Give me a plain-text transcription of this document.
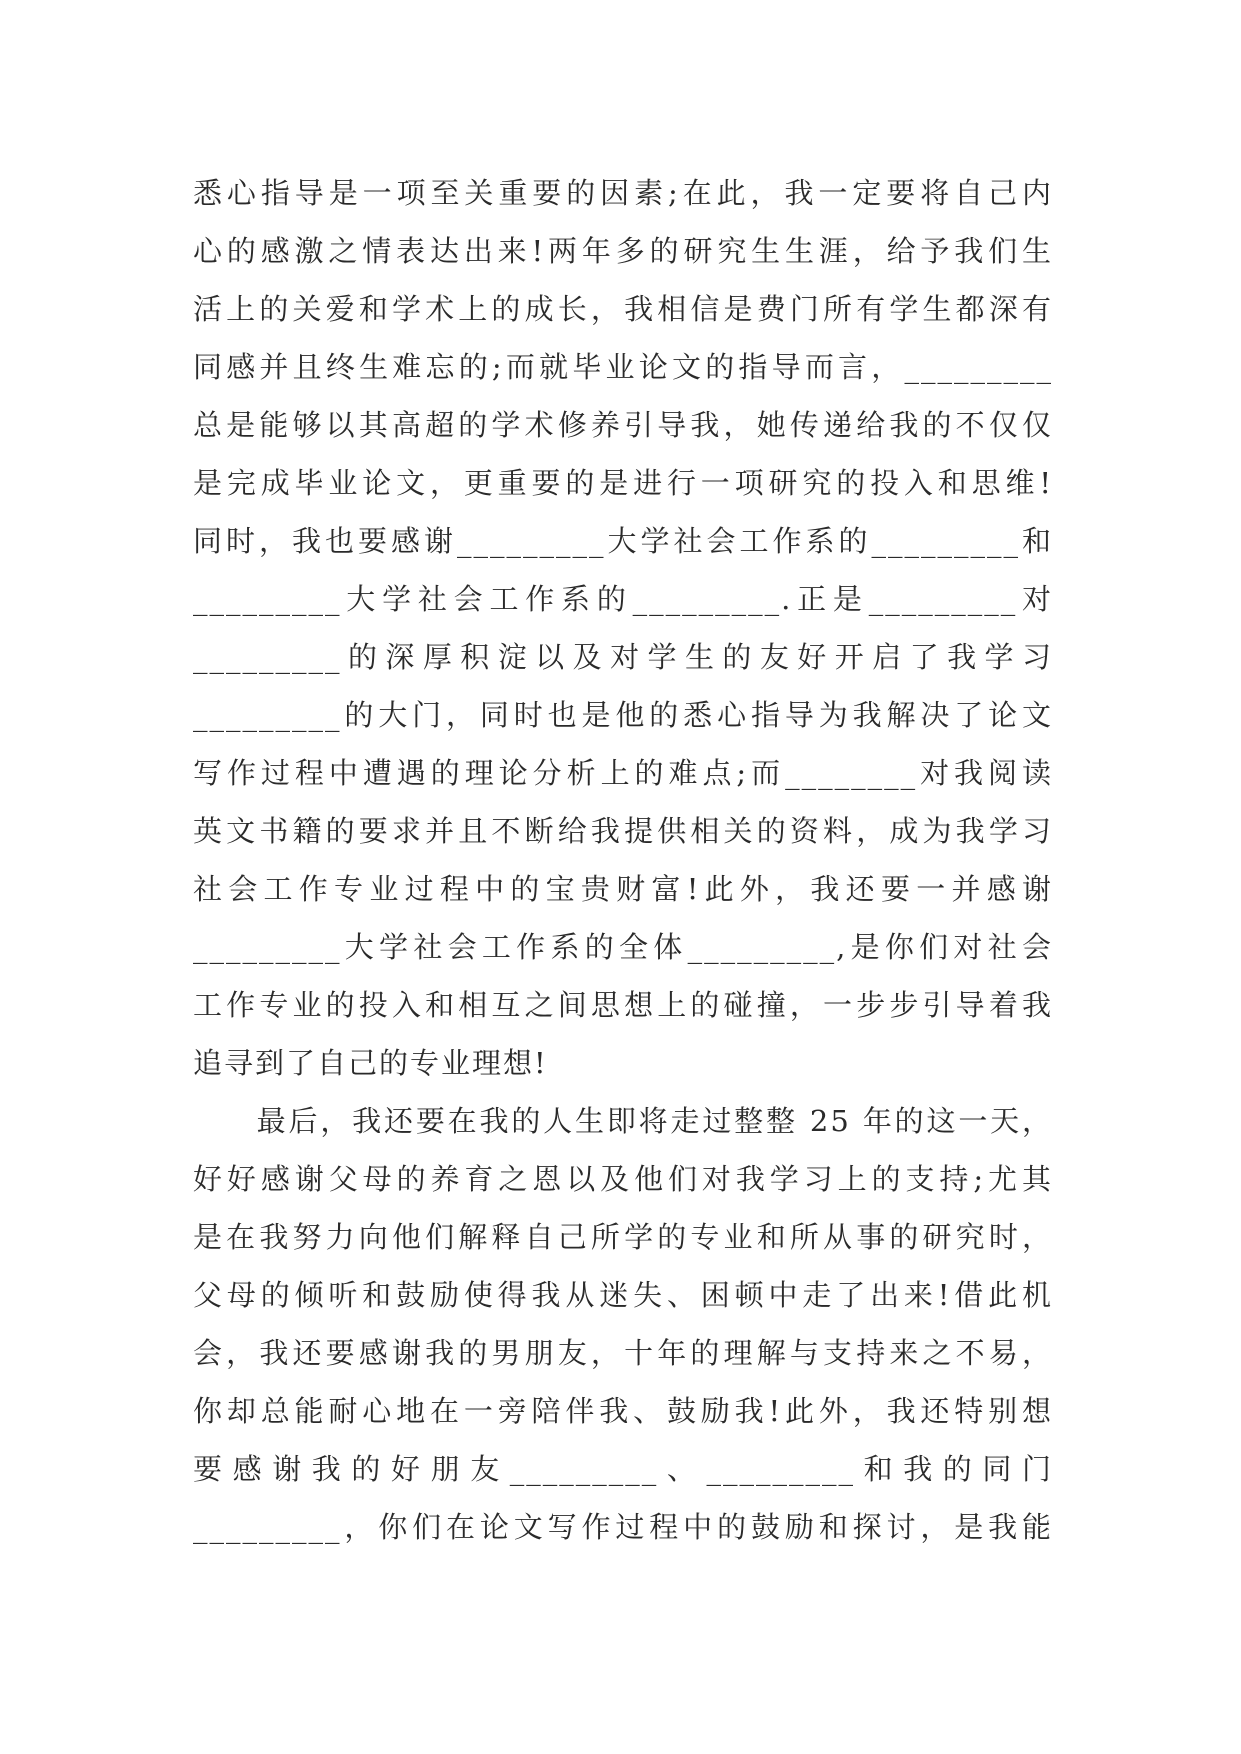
悉心指导是一项至关重要的因素;在此，我一定要将自己内
心的感激之情表达出来!两年多的研究生生涯，给予我们生
活上的关爱和学术上的成长，我相信是费门所有学生都深有
同感并且终生难忘的;而就毕业论文的指导而言，_________
总是能够以其高超的学术修养引导我，她传递给我的不仅仅
是完成毕业论文，更重要的是进行一项研究的投入和思维!
同时，我也要感谢_________大学社会工作系的_________和
_________大学社会工作系的_________.正是_________对
_________的深厚积淀以及对学生的友好开启了我学习
_________的大门，同时也是他的悉心指导为我解决了论文
写作过程中遭遇的理论分析上的难点;而________对我阅读
英文书籍的要求并且不断给我提供相关的资料，成为我学习
社会工作专业过程中的宝贵财富!此外，我还要一并感谢
_________大学社会工作系的全体_________,是你们对社会
工作专业的投入和相互之间思想上的碰撞，一步步引导着我
追寻到了自己的专业理想!
　　最后，我还要在我的人生即将走过整整 25 年的这一天，
好好感谢父母的养育之恩以及他们对我学习上的支持;尤其
是在我努力向他们解释自己所学的专业和所从事的研究时，
父母的倾听和鼓励使得我从迷失、困顿中走了出来!借此机
会，我还要感谢我的男朋友，十年的理解与支持来之不易，
你却总能耐心地在一旁陪伴我、鼓励我!此外，我还特别想
要感谢我的好朋友_________、_________和我的同门
_________，你们在论文写作过程中的鼓励和探讨，是我能
